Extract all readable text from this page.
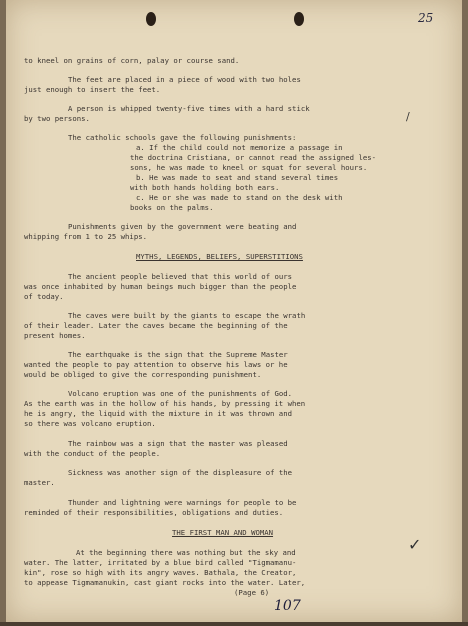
25
to kneel on grains of corn, palay or course sand.
The feet are placed in a piece of wood with two holes
just enough to insert the feet.
A person is whipped twenty-five times with a hard stick
by two persons.
The catholic schools gave the following punishments:
a. If the child could not memorize a passage in
the doctrina Cristiana, or cannot read the assigned les-
sons, he was made to kneel or squat for several hours.
b. He was made to seat and stand several times
with both hands holding both ears.
c. He or she was made to stand on the desk with
books on the palms.
Punishments given by the government were beating and
whipping from 1 to 25 whips.
MYTHS, LEGENDS, BELIEFS, SUPERSTITIONS
The ancient people believed that this world of ours
was once inhabited by human beings much bigger than the people
of today.
The caves were built by the giants to escape the wrath
of their leader. Later the caves became the beginning of the
present homes.
The earthquake is the sign that the Supreme Master
wanted the people to pay attention to observe his laws or he
would be obliged to give the corresponding punishment.
Volcano eruption was one of the punishments of God.
As the earth was in the hollow of his hands, by pressing it when
he is angry, the liquid with the mixture in it was thrown and
so there was volcano eruption.
The rainbow was a sign that the master was pleased
with the conduct of the people.
Sickness was another sign of the displeasure of the
master.
Thunder and lightning were warnings for people to be
reminded of their responsibilities, obligations and duties.
THE FIRST MAN AND WOMAN
At the beginning there was nothing but the sky and
water. The latter, irritated by a blue bird called "Tigmamanu-
kin", rose so high with its angry waves. Bathala, the Creator,
to appease Tigmamanukin, cast giant rocks into the water. Later,
(Page 6)
/
✓
107
